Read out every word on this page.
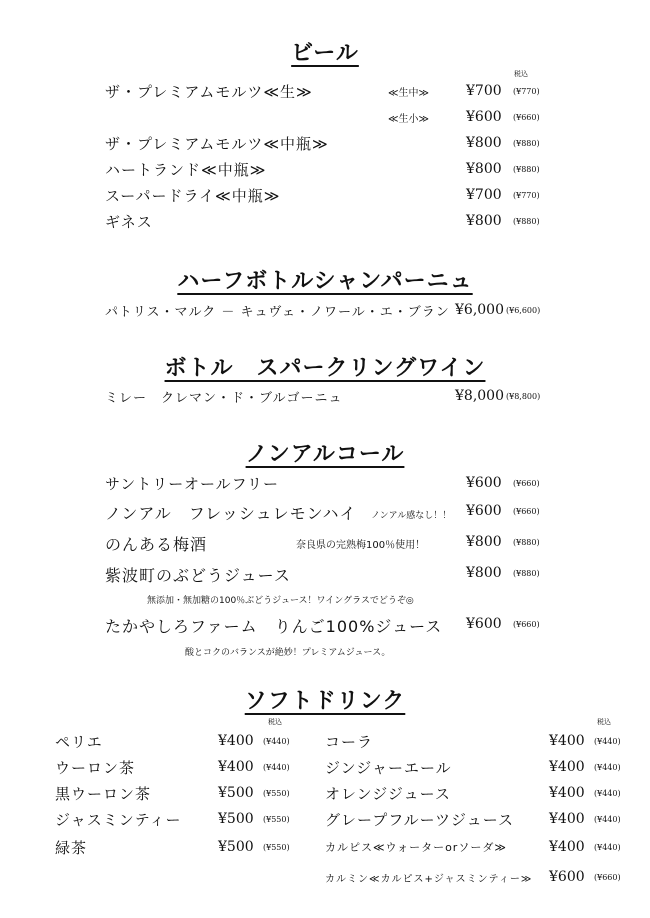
ビール
税込
ザ・プレミアムモルツ≪生≫	≪生中≫	¥700 (¥770)
≪生小≫	¥600 (¥660)
ザ・プレミアムモルツ≪中瓶≫	¥800 (¥880)
ハートランド≪中瓶≫	¥800 (¥880)
スーパードライ≪中瓶≫	¥700 (¥770)
ギネス	¥800 (¥880)
ハーフボトルシャンパーニュ
パトリス・マルク － キュヴェ・ノワール・エ・ブラン ¥6,000 (¥6,600)
ボトル　スパークリングワイン
ミレー　クレマン・ド・ブルゴーニュ	¥8,000 (¥8,800)
ノンアルコール
サントリーオールフリー	¥600 (¥660)
ノンアル　フレッシュレモンハイ ノンアル感なし！！ ¥600 (¥660)
のんある梅酒	奈良県の完熟梅100％使用！	¥800 (¥880)
紫波町のぶどうジュース	¥800 (¥880)
無添加・無加糖の100％ぶどうジュース！ワイングラスでどうぞ◎
たかやしろファーム　りんご100%ジュース ¥600 (¥660)
酸とコクのバランスが絶妙！プレミアムジュース。
ソフトドリンク
税込	税込
ペリエ	¥400 (¥440)
ウーロン茶	¥400 (¥440)
黒ウーロン茶	¥500 (¥550)
ジャスミンティー	¥500 (¥550)
緑茶	¥500 (¥550)
コーラ	¥400 (¥440)
ジンジャーエール	¥400 (¥440)
オレンジジュース	¥400 (¥440)
グレープフルーツジュース ¥400 (¥440)
カルピス≪ウォーターorソーダ≫	¥400 (¥440)
カルミン≪カルピス+ジャスミンティー≫ ¥600 (¥660)
